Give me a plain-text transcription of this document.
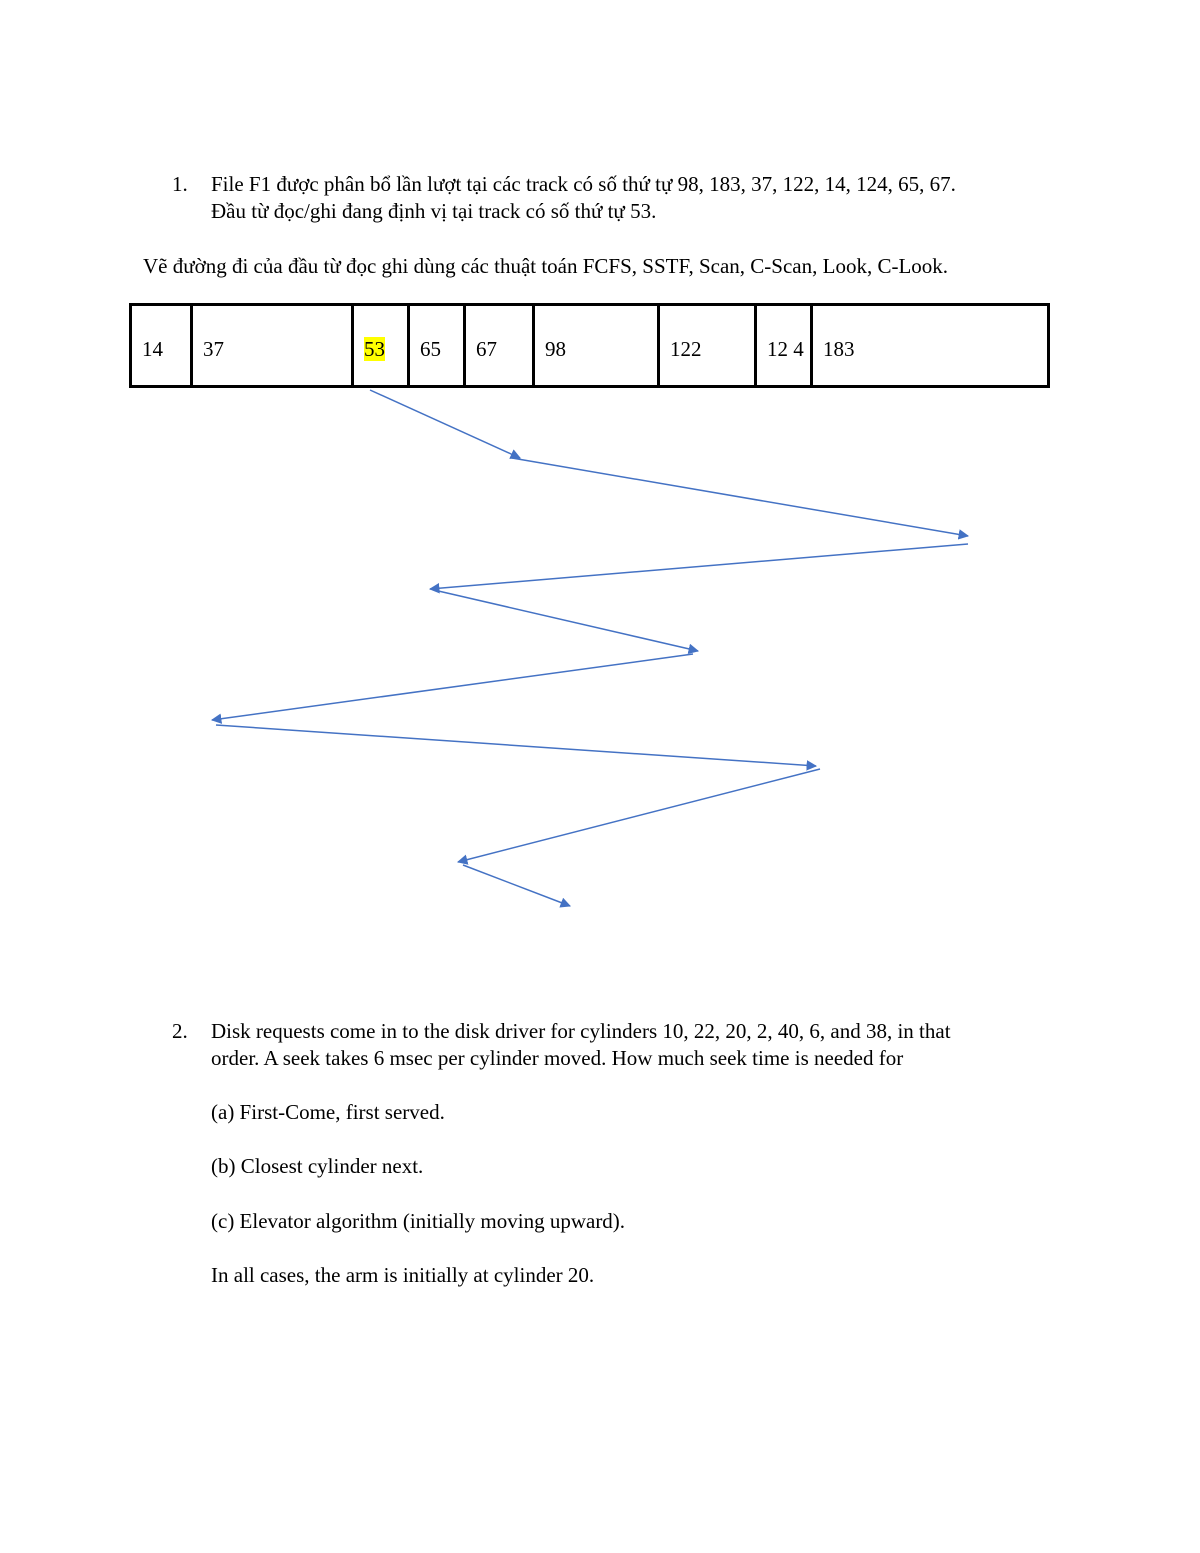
1. File F1 được phân bổ lần lượt tại các track có số thứ tự 98, 183, 37, 122, 14, 124, 65, 67.
Đầu từ đọc/ghi đang định vị tại track có số thứ tự 53.
Vẽ đường đi của đầu từ đọc ghi dùng các thuật toán FCFS, SSTF, Scan, C-Scan, Look, C-Look.
14	37	53	65	67	98	122	12 4	183
2. Disk requests come in to the disk driver for cylinders 10, 22, 20, 2, 40, 6, and 38, in that
order. A seek takes 6 msec per cylinder moved. How much seek time is needed for
(a) First-Come, first served.
(b) Closest cylinder next.
(c) Elevator algorithm (initially moving upward).
In all cases, the arm is initially at cylinder 20.
